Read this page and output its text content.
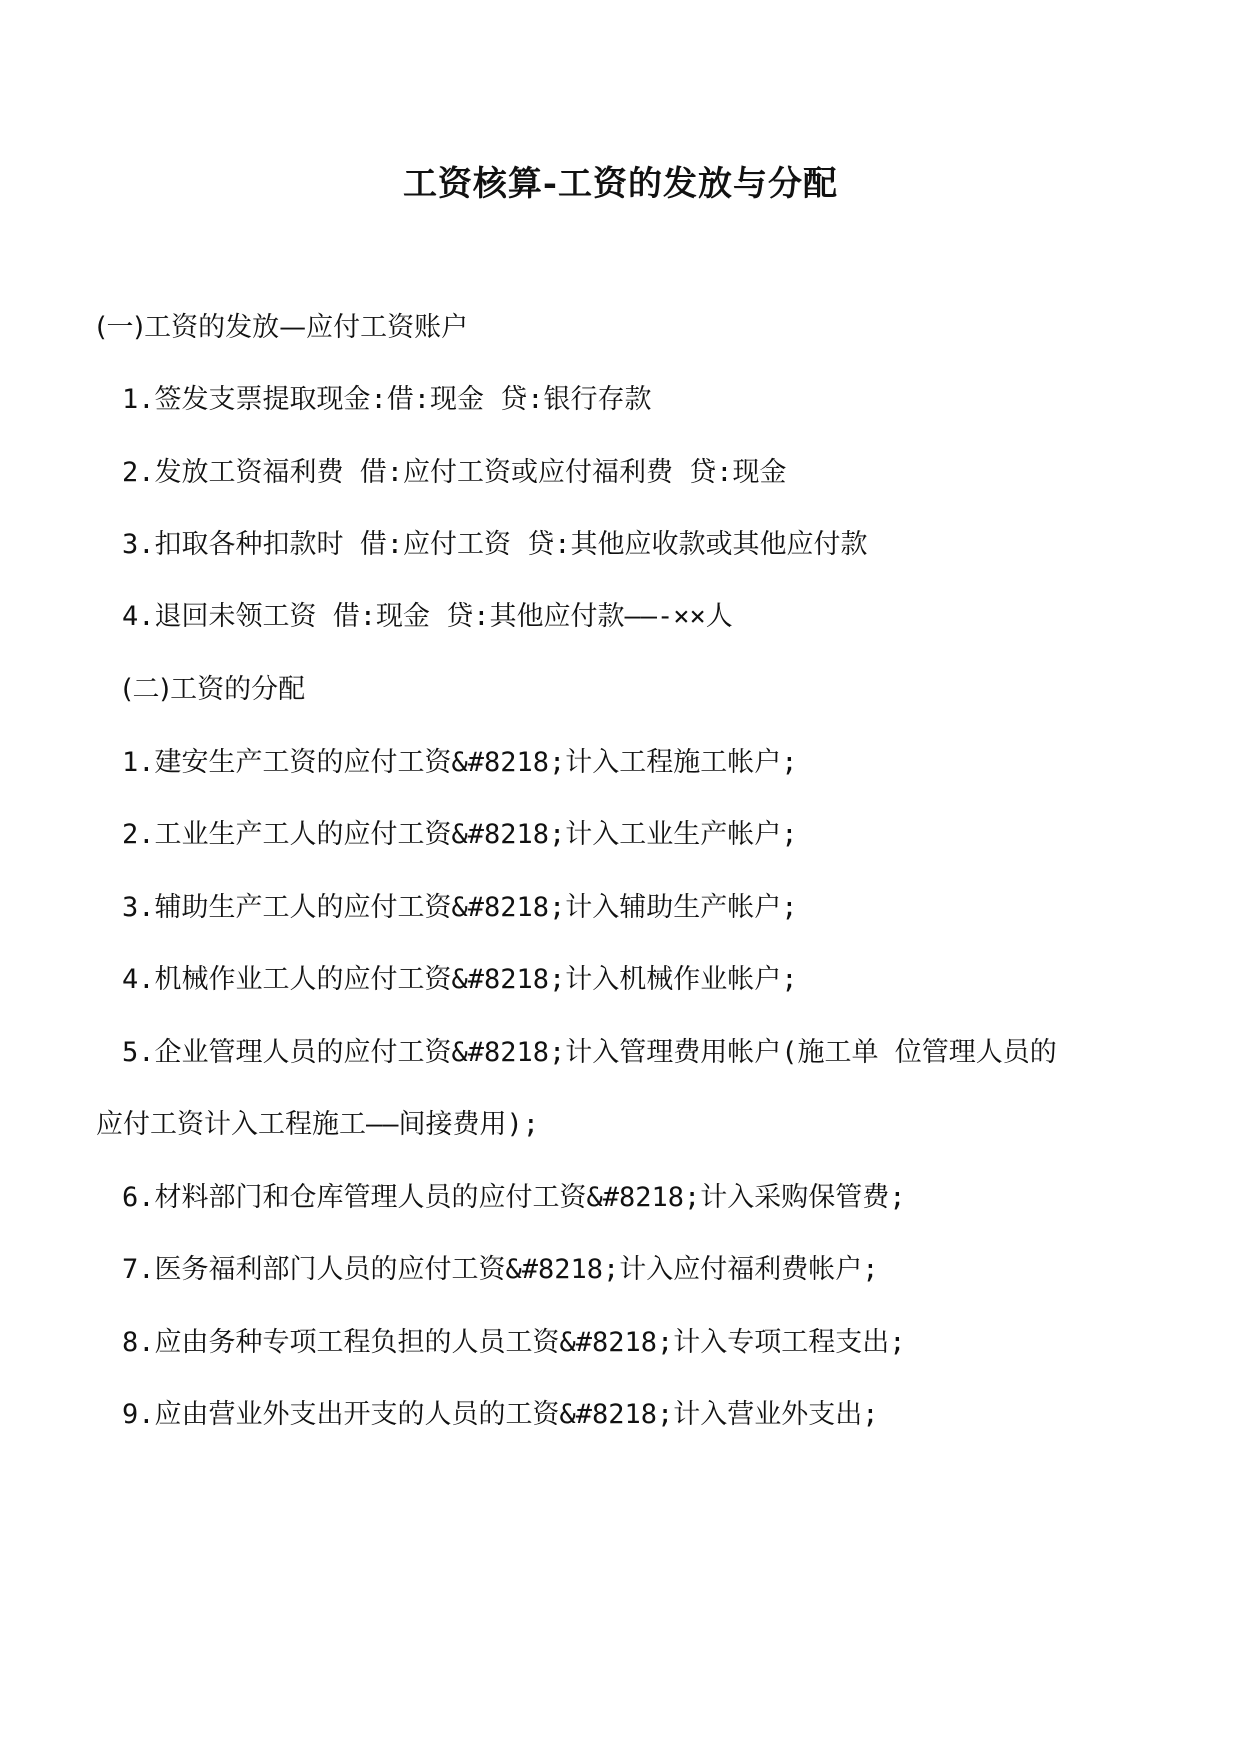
工资核算-工资的发放与分配

(一)工资的发放—应付工资账户

1.签发支票提取现金:借:现金 贷:银行存款

2.发放工资福利费 借:应付工资或应付福利费 贷:现金

3.扣取各种扣款时 借:应付工资 贷:其他应收款或其他应付款

4.退回未领工资 借:现金 贷:其他应付款——-××人

(二)工资的分配

1.建安生产工资的应付工资&#8218;计入工程施工帐户;

2.工业生产工人的应付工资&#8218;计入工业生产帐户;

3.辅助生产工人的应付工资&#8218;计入辅助生产帐户;

4.机械作业工人的应付工资&#8218;计入机械作业帐户;

5.企业管理人员的应付工资&#8218;计入管理费用帐户(施工单 位管理人员的

应付工资计入工程施工——间接费用);

6.材料部门和仓库管理人员的应付工资&#8218;计入采购保管费;

7.医务福利部门人员的应付工资&#8218;计入应付福利费帐户;

8.应由务种专项工程负担的人员工资&#8218;计入专项工程支出;

9.应由营业外支出开支的人员的工资&#8218;计入营业外支出;
